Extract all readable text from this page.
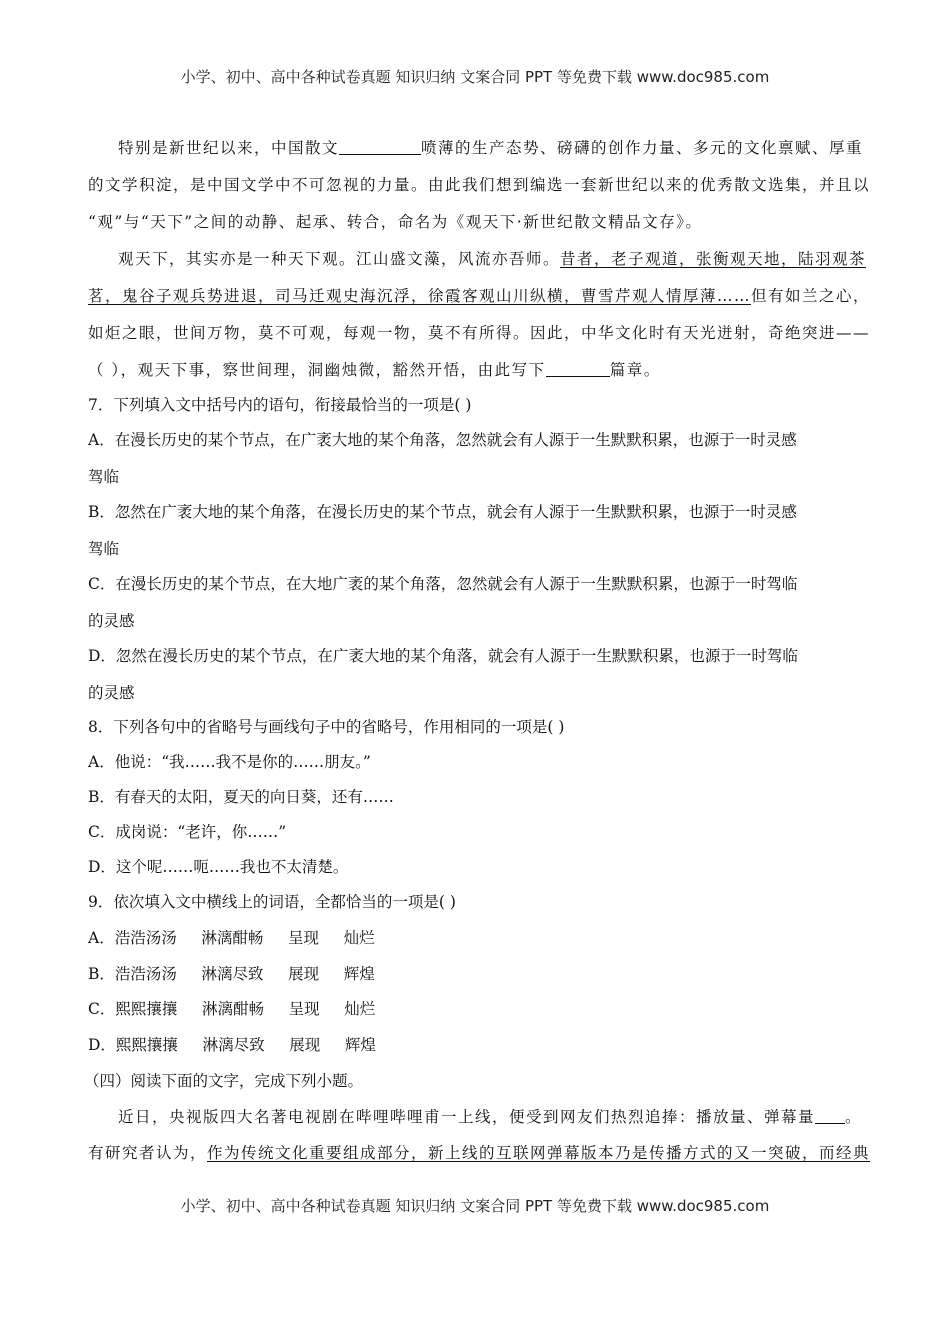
小学、初中、高中各种试卷真题 知识归纳 文案合同 PPT 等免费下载 www.doc985.com
特别是新世纪以来，中国散文	喷薄的生产态势、磅礴的创作力量、多元的文化禀赋、厚重
的文学积淀，是中国文学中不可忽视的力量。由此我们想到编选一套新世纪以来的优秀散文选集，并且以
“观”与“天下”之间的动静、起承、转合，命名为《观天下·新世纪散文精品文存》。
观天下，其实亦是一种天下观。江山盛文藻，风流亦吾师。昔者，老子观道，张衡观天地，陆羽观茶
茗，鬼谷子观兵势进退，司马迁观史海沉浮，徐霞客观山川纵横，曹雪芹观人情厚薄……但有如兰之心，
如炬之眼，世间万物，莫不可观，每观一物，莫不有所得。因此，中华文化时有天光迸射，奇绝突进——
（ ），观天下事，察世间理，洞幽烛微，豁然开悟，由此写下	篇章。
7．下列填入文中括号内的语句，衔接最恰当的一项是( )
A．在漫长历史的某个节点，在广袤大地的某个角落，忽然就会有人源于一生默默积累，也源于一时灵感
驾临
B．忽然在广袤大地的某个角落，在漫长历史的某个节点，就会有人源于一生默默积累，也源于一时灵感
驾临
C．在漫长历史的某个节点，在大地广袤的某个角落，忽然就会有人源于一生默默积累，也源于一时驾临
的灵感
D．忽然在漫长历史的某个节点，在广袤大地的某个角落，就会有人源于一生默默积累，也源于一时驾临
的灵感
8．下列各句中的省略号与画线句子中的省略号，作用相同的一项是( )
A．他说：“我……我不是你的……朋友。”
B．有春天的太阳，夏天的向日葵，还有……
C．成岗说：“老许，你……”
D．这个呢……呃……我也不太清楚。
9．依次填入文中横线上的词语，全都恰当的一项是( )
A．浩浩汤汤     淋漓酣畅     呈现     灿烂
B．浩浩汤汤     淋漓尽致     展现     辉煌
C．熙熙攘攘     淋漓酣畅     呈现     灿烂
D．熙熙攘攘     淋漓尽致     展现     辉煌
（四）阅读下面的文字，完成下列小题。
近日，央视版四大名著电视剧在哔哩哔哩甫一上线，便受到网友们热烈追捧：播放量、弹幕量 。
有研究者认为，作为传统文化重要组成部分，新上线的互联网弹幕版本乃是传播方式的又一突破，而经典
小学、初中、高中各种试卷真题 知识归纳 文案合同 PPT 等免费下载 www.doc985.com
